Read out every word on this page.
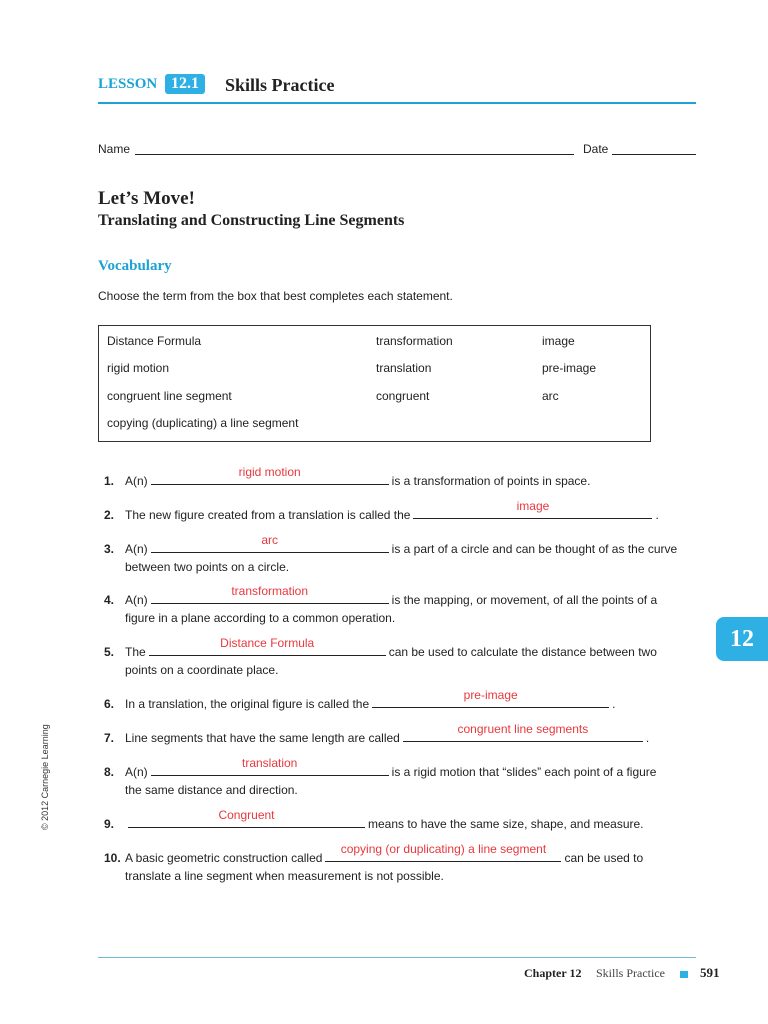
LESSON 12.1	Skills Practice
Name	Date
Let’s Move!
Translating and Constructing Line Segments
Vocabulary
Choose the term from the box that best completes each statement.
Distance Formula	transformation	image
rigid motion	translation	pre-image
congruent line segment	congruent	arc
copying (duplicating) a line segment
1. A(n)
rigid motion
is a transformation of points in space.
2. The new figure created from a translation is called the
image
.
3. A(n)
arc
is a part of a circle and can be thought of as the curve
between two points on a circle.
4. A(n)
transformation
is the mapping, or movement, of all the points of a
figure in a plane according to a common operation.
5. The
Distance Formula
can be used to calculate the distance between two
points on a coordinate place.
6. In a translation, the original figure is called the
pre-image
.
7. Line segments that have the same length are called
congruent line segments
.
8. A(n)
translation
is a rigid motion that “slides” each point of a figure
the same distance and direction.
9.
Congruent
means to have the same size, shape, and measure.
10. A basic geometric construction called
copying (or duplicating) a line segment
can be used to
translate a line segment when measurement is not possible.
12
© 2012 Carnegie Learning
Chapter 12 Skills Practice	591
